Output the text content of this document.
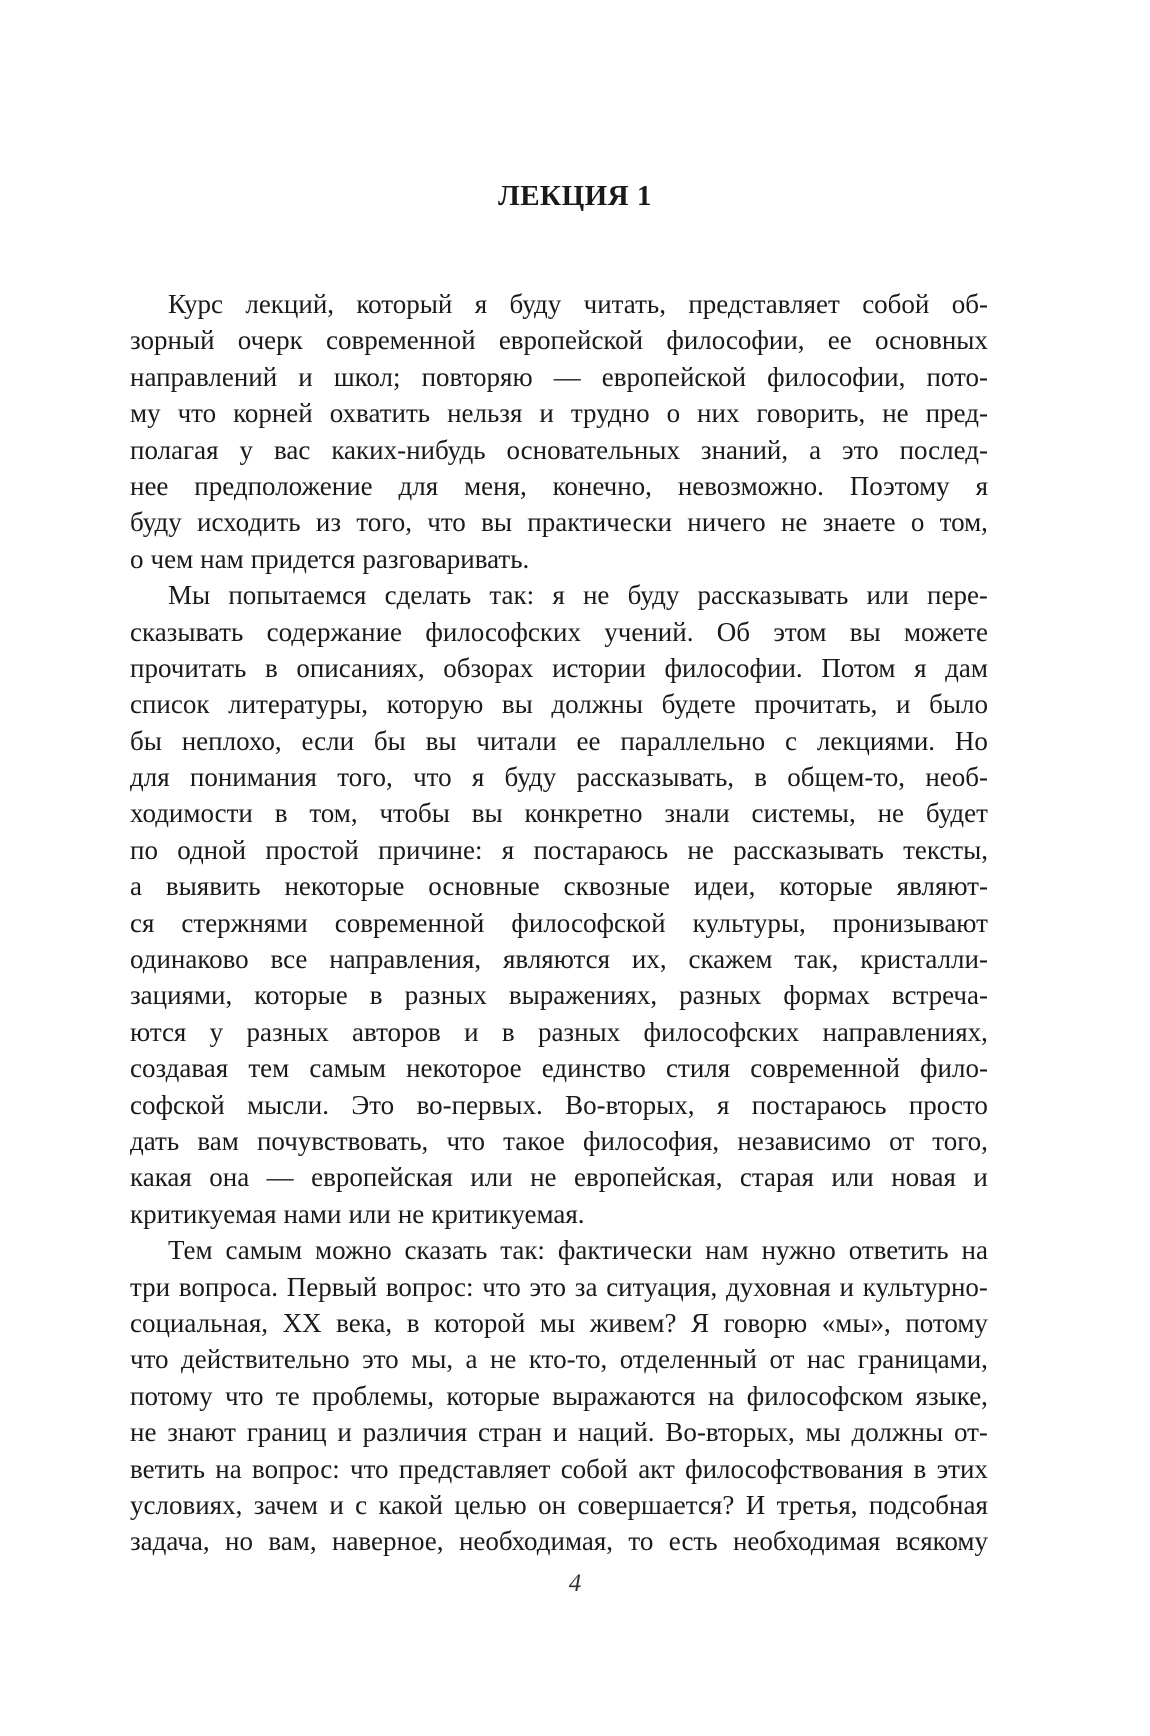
ЛЕКЦИЯ 1
Курс лекций, который я буду читать, представляет собой об-
зорный очерк современной европейской философии, ее основных
направлений и школ; повторяю — европейской философии, пото-
му что корней охватить нельзя и трудно о них говорить, не пред-
полагая у вас каких-нибудь основательных знаний, а это послед-
нее предположение для меня, конечно, невозможно. Поэтому я
буду исходить из того, что вы практически ничего не знаете о том,
о чем нам придется разговаривать.
Мы попытаемся сделать так: я не буду рассказывать или пере-
сказывать содержание философских учений. Об этом вы можете
прочитать в описаниях, обзорах истории философии. Потом я дам
список литературы, которую вы должны будете прочитать, и было
бы неплохо, если бы вы читали ее параллельно с лекциями. Но
для понимания того, что я буду рассказывать, в общем-то, необ-
ходимости в том, чтобы вы конкретно знали системы, не будет
по одной простой причине: я постараюсь не рассказывать тексты,
а выявить некоторые основные сквозные идеи, которые являют-
ся стержнями современной философской культуры, пронизывают
одинаково все направления, являются их, скажем так, кристалли-
зациями, которые в разных выражениях, разных формах встреча-
ются у разных авторов и в разных философских направлениях,
создавая тем самым некоторое единство стиля современной фило-
софской мысли. Это во-первых. Во-вторых, я постараюсь просто
дать вам почувствовать, что такое философия, независимо от того,
какая она — европейская или не европейская, старая или новая и
критикуемая нами или не критикуемая.
Тем самым можно сказать так: фактически нам нужно ответить на
три вопроса. Первый вопрос: что это за ситуация, духовная и культурно-
социальная, XX века, в которой мы живем? Я говорю «мы», потому
что действительно это мы, а не кто-то, отделенный от нас границами,
потому что те проблемы, которые выражаются на философском языке,
не знают границ и различия стран и наций. Во-вторых, мы должны от-
ветить на вопрос: что представляет собой акт философствования в этих
условиях, зачем и с какой целью он совершается? И третья, подсобная
задача, но вам, наверное, необходимая, то есть необходимая всякому
4
